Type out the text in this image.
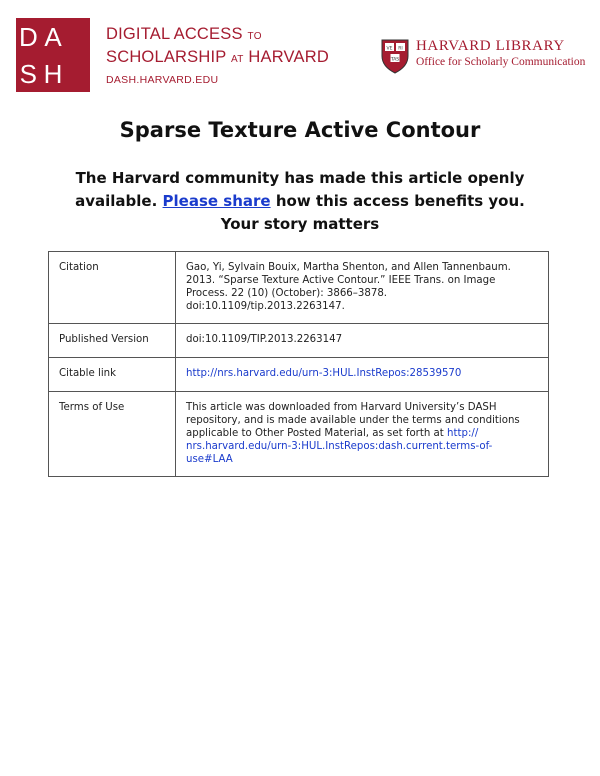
D A
S H
DIGITAL ACCESS TO
SCHOLARSHIP AT HARVARD
DASH.HARVARD.EDU
VE RI
TAS
HARVARD LIBRARY
Office for Scholarly Communication
Sparse Texture Active Contour
The Harvard community has made this article openly available. Please share how this access benefits you. Your story matters
Citation	Gao, Yi, Sylvain Bouix, Martha Shenton, and Allen Tannenbaum. 2013. “Sparse Texture Active Contour.” IEEE Trans. on Image Process. 22 (10) (October): 3866–3878. doi:10.1109/tip.2013.2263147.
Published Version	doi:10.1109/TIP.2013.2263147
Citable link	http://nrs.harvard.edu/urn-3:HUL.InstRepos:28539570
Terms of Use	This article was downloaded from Harvard University’s DASH repository, and is made available under the terms and conditions applicable to Other Posted Material, as set forth at http:// nrs.harvard.edu/urn-3:HUL.InstRepos:dash.current.terms-of-use#LAA
